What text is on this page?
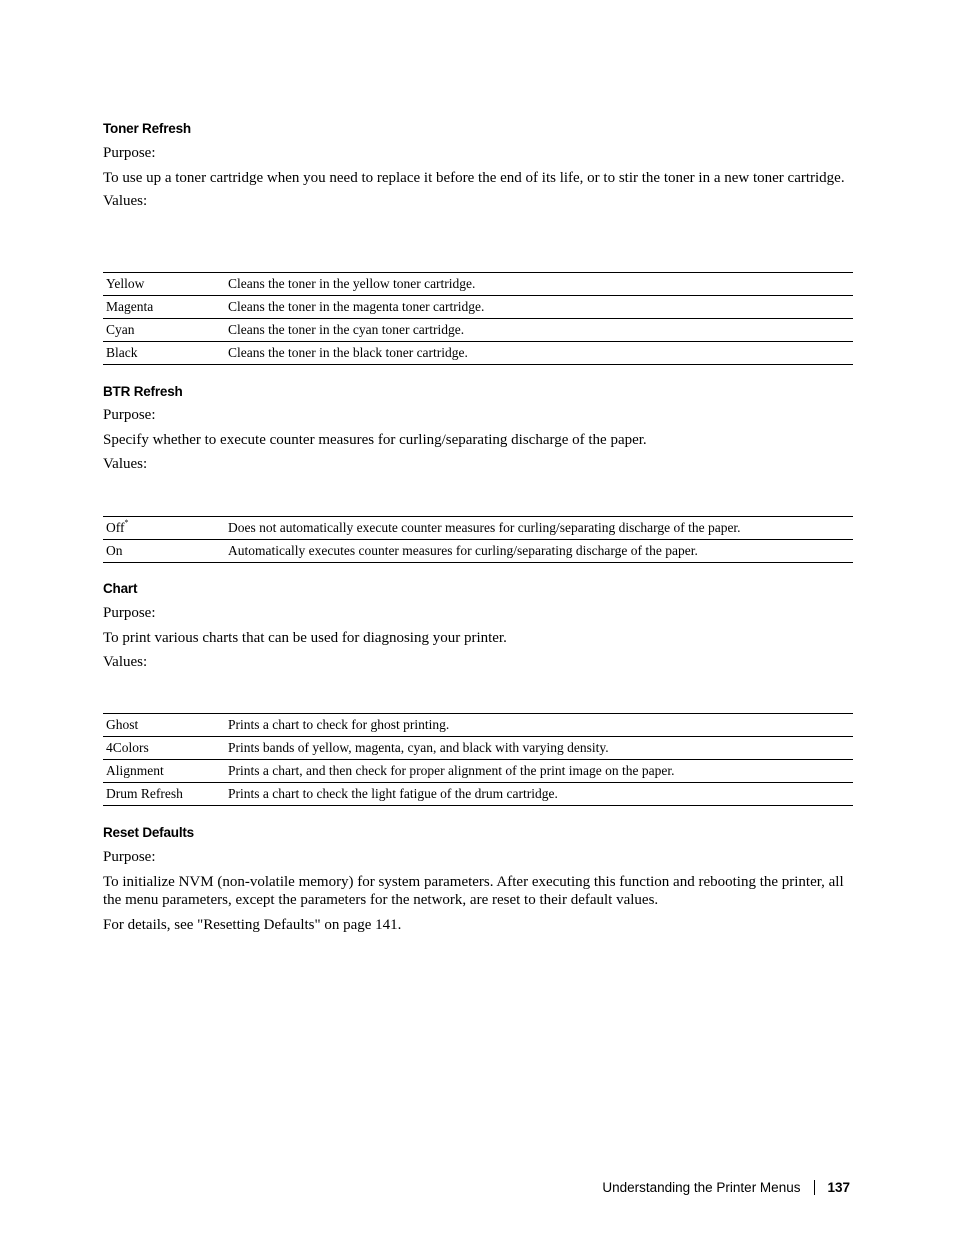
Toner Refresh

Purpose:

To use up a toner cartridge when you need to replace it before the end of its life, or to stir the toner in a new toner cartridge.

Values:

Yellow	Cleans the toner in the yellow toner cartridge.
Magenta	Cleans the toner in the magenta toner cartridge.
Cyan	Cleans the toner in the cyan toner cartridge.
Black	Cleans the toner in the black toner cartridge.
BTR Refresh

Purpose:

Specify whether to execute counter measures for curling/separating discharge of the paper.

Values:

Off*	Does not automatically execute counter measures for curling/separating discharge of the paper.
On	Automatically executes counter measures for curling/separating discharge of the paper.
Chart

Purpose:

To print various charts that can be used for diagnosing your printer.

Values:

Ghost	Prints a chart to check for ghost printing.
4Colors	Prints bands of yellow, magenta, cyan, and black with varying density.
Alignment	Prints a chart, and then check for proper alignment of the print image on the paper.
Drum Refresh	Prints a chart to check the light fatigue of the drum cartridge.
Reset Defaults

Purpose:

To initialize NVM (non-volatile memory) for system parameters. After executing this function and rebooting the printer, all the menu parameters, except the parameters for the network, are reset to their default values.

For details, see "Resetting Defaults" on page 141.

Understanding the Printer Menus 137
